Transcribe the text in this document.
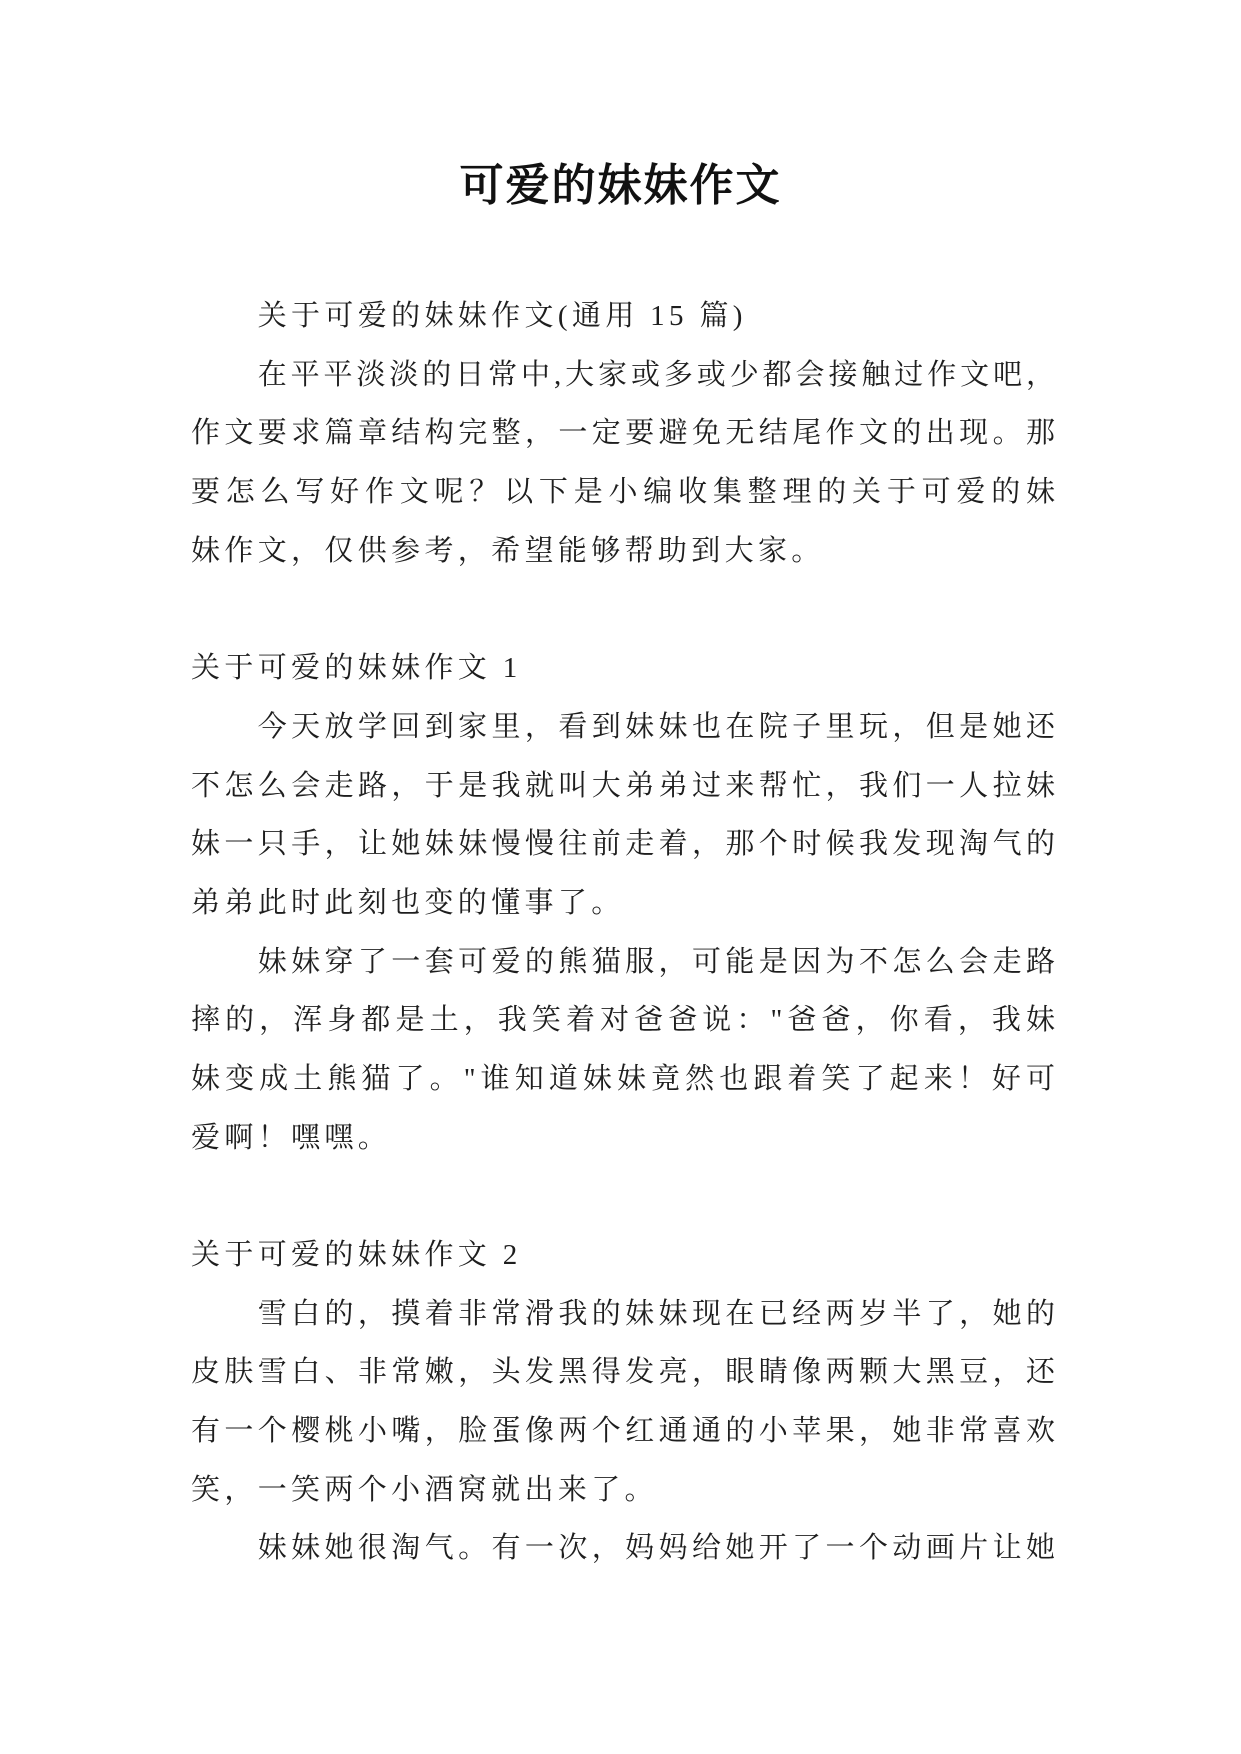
可爱的妹妹作文
关于可爱的妹妹作文(通用 15 篇)
在平平淡淡的日常中,大家或多或少都会接触过作文吧，
作文要求篇章结构完整，一定要避免无结尾作文的出现。那
要怎么写好作文呢？以下是小编收集整理的关于可爱的妹
妹作文，仅供参考，希望能够帮助到大家。
关于可爱的妹妹作文 1
今天放学回到家里，看到妹妹也在院子里玩，但是她还
不怎么会走路，于是我就叫大弟弟过来帮忙，我们一人拉妹
妹一只手，让她妹妹慢慢往前走着，那个时候我发现淘气的
弟弟此时此刻也变的懂事了。
妹妹穿了一套可爱的熊猫服，可能是因为不怎么会走路
摔的，浑身都是土，我笑着对爸爸说："爸爸，你看，我妹
妹变成土熊猫了。"谁知道妹妹竟然也跟着笑了起来！好可
爱啊！嘿嘿。
关于可爱的妹妹作文 2
雪白的，摸着非常滑我的妹妹现在已经两岁半了，她的
皮肤雪白、非常嫩，头发黑得发亮，眼睛像两颗大黑豆，还
有一个樱桃小嘴，脸蛋像两个红通通的小苹果，她非常喜欢
笑，一笑两个小酒窝就出来了。
妹妹她很淘气。有一次，妈妈给她开了一个动画片让她
